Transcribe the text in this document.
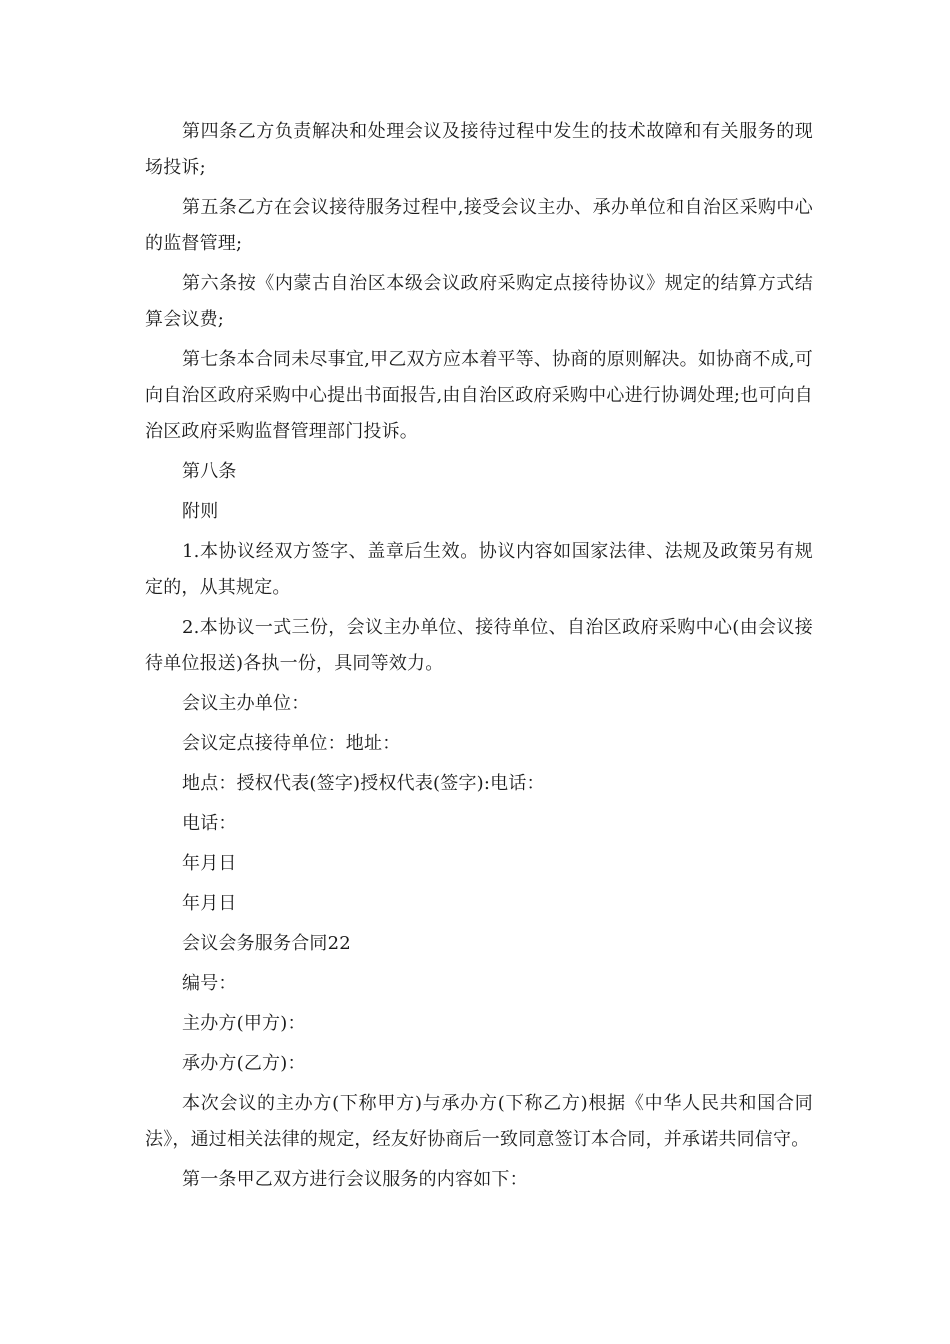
第四条乙方负责解决和处理会议及接待过程中发生的技术故障和有关服务的现场投诉;

第五条乙方在会议接待服务过程中,接受会议主办、承办单位和自治区采购中心的监督管理;

第六条按《内蒙古自治区本级会议政府采购定点接待协议》规定的结算方式结算会议费;

第七条本合同未尽事宜,甲乙双方应本着平等、协商的原则解决。如协商不成,可向自治区政府采购中心提出书面报告,由自治区政府采购中心进行协调处理;也可向自治区政府采购监督管理部门投诉。

第八条

附则

1.本协议经双方签字、盖章后生效。协议内容如国家法律、法规及政策另有规定的，从其规定。

2.本协议一式三份，会议主办单位、接待单位、自治区政府采购中心(由会议接待单位报送)各执一份，具同等效力。

会议主办单位：

会议定点接待单位：地址：

地点：授权代表(签字)授权代表(签字):电话：

电话：

年月日

年月日

会议会务服务合同22

编号：

主办方(甲方)：

承办方(乙方)：

本次会议的主办方(下称甲方)与承办方(下称乙方)根据《中华人民共和国合同法》，通过相关法律的规定，经友好协商后一致同意签订本合同，并承诺共同信守。

第一条甲乙双方进行会议服务的内容如下：
